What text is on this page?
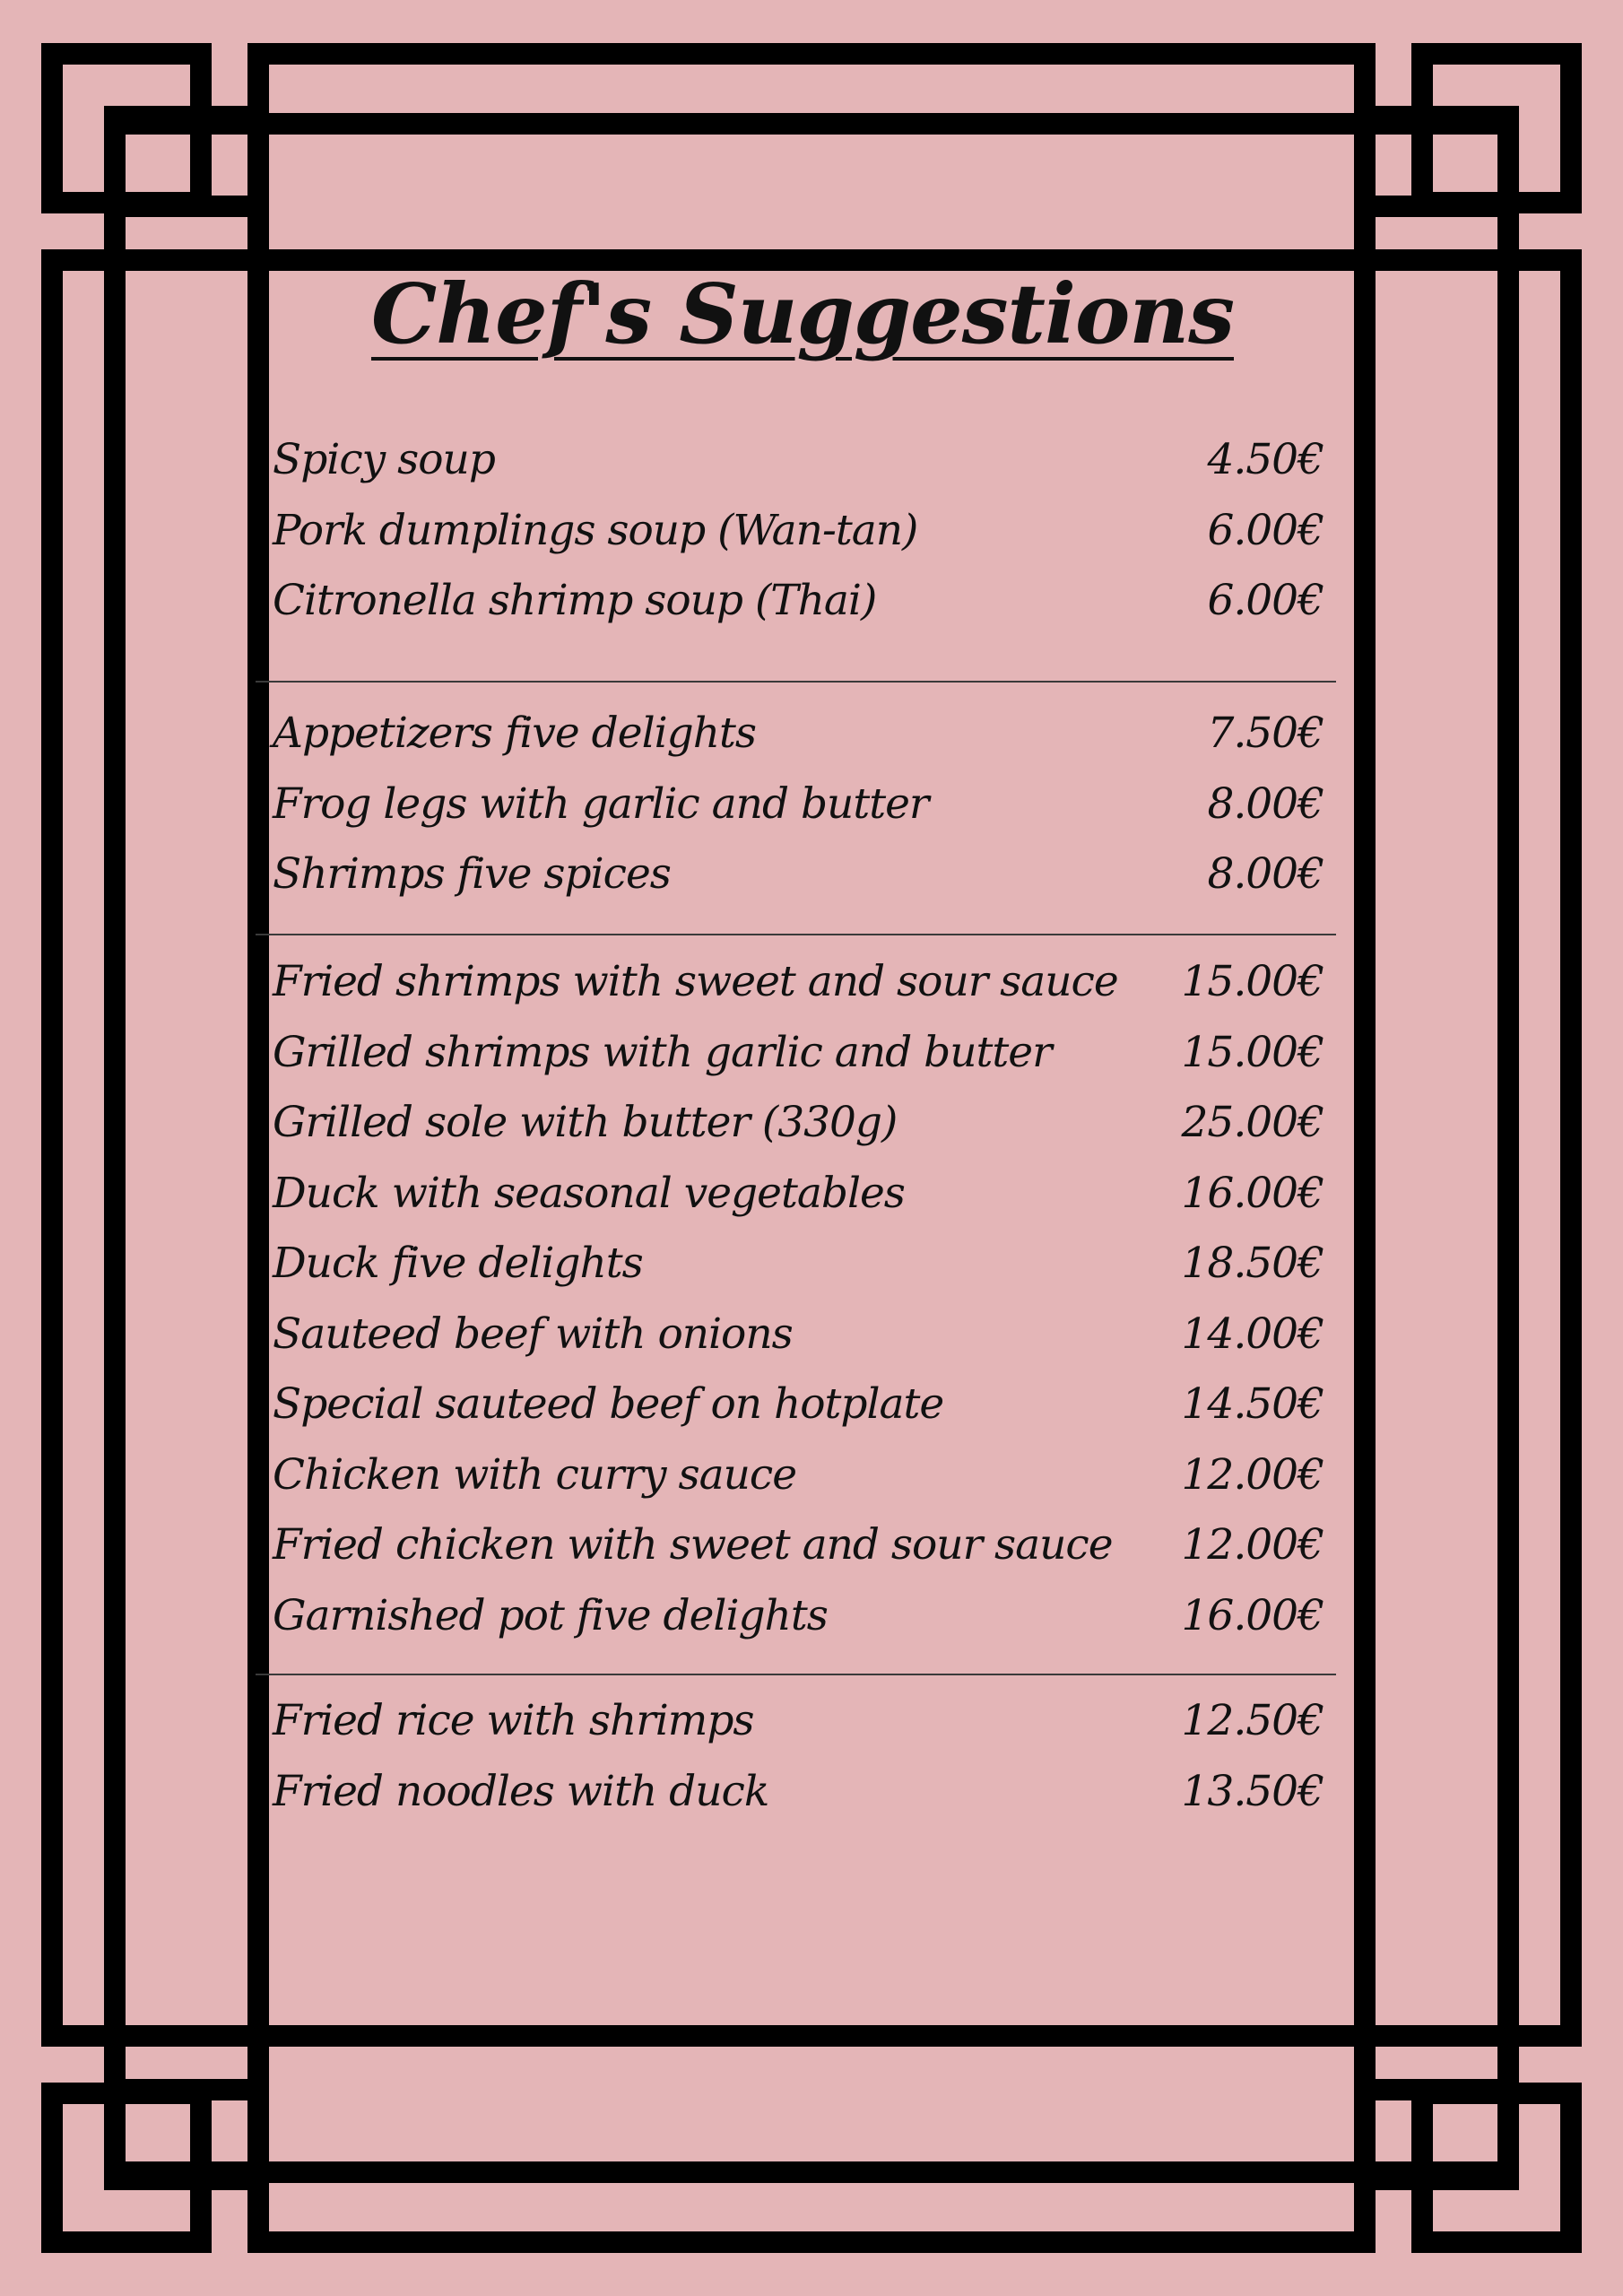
Chef's Suggestions
Spicy soup	4.50€
Pork dumplings soup (Wan-tan)	6.00€
Citronella shrimp soup (Thai)	6.00€
Appetizers five delights	7.50€
Frog legs with garlic and butter	8.00€
Shrimps five spices	8.00€
Fried shrimps with sweet and sour sauce 15.00€
Grilled shrimps with garlic and butter	15.00€
Grilled sole with butter (330g)	25.00€
Duck with seasonal vegetables	16.00€
Duck five delights	18.50€
Sauteed beef with onions	14.00€
Special sauteed beef on hotplate	14.50€
Chicken with curry sauce	12.00€
Fried chicken with sweet and sour sauce 12.00€
Garnished pot five delights	16.00€
Fried rice with shrimps	12.50€
Fried noodles with duck	13.50€
